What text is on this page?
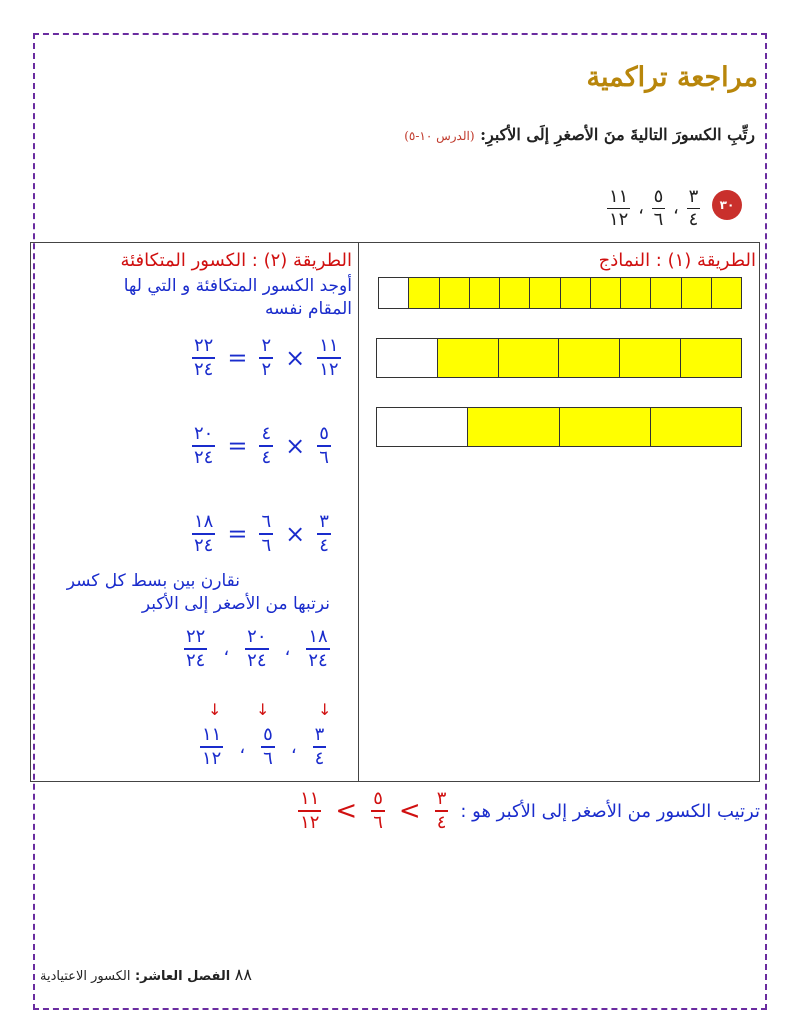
مراجعة تراكمية
رتِّبِ الكسورَ التاليةَ منَ الأصغرِ إلَى الأكبرِ: (الدرس ١٠-٥)
٣٠
$\frac{٣}{٤}$
،
$\frac{٥}{٦}$
،
$\frac{١١}{١٢}$
الطريقة (١) : النماذج
الطريقة (٢) : الكسور المتكافئة
أوجد الكسور المتكافئة و التي لها
المقام نفسه
$\frac{٢٢}{٢٤} = \frac{٢}{٢} \times \frac{١١}{١٢}$
$\frac{٢٠}{٢٤} = \frac{٤}{٤} \times \frac{٥}{٦}$
$\frac{١٨}{٢٤} = \frac{٦}{٦} \times \frac{٣}{٤}$
نقارن بين بسط كل كسر
نرتبها من الأصغر إلى الأكبر
$\frac{٢٢}{٢٤}$ ، $\frac{٢٠}{٢٤}$ ، $\frac{١٨}{٢٤}$
↓ ↓	↓
$\frac{١١}{١٢}$ ، $\frac{٥}{٦}$ ، $\frac{٣}{٤}$
$\frac{١١}{١٢} < \frac{٥}{٦} < \frac{٣}{٤}$ ترتيب الكسور من الأصغر إلى الأكبر هو :
٨٨ الفصل العاشر: الكسور الاعتيادية
